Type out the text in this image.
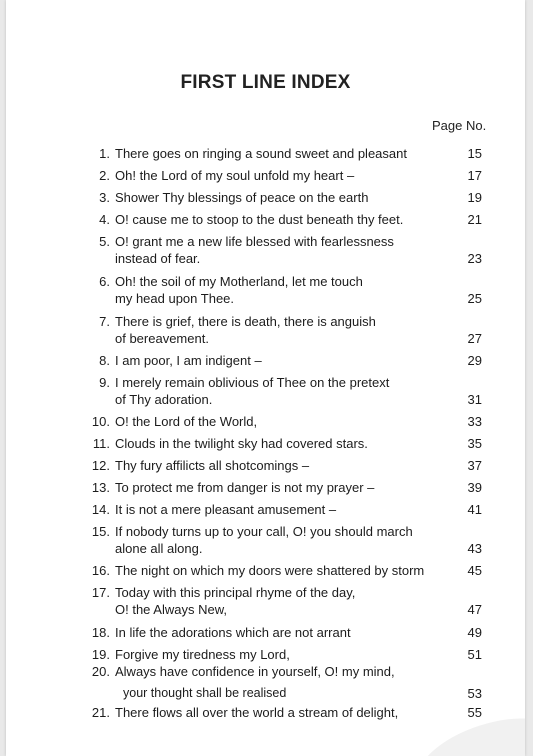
FIRST LINE INDEX
Page No.
1. There goes on ringing a sound sweet and pleasant	15
2. Oh! the Lord of my soul unfold my heart –	17
3. Shower Thy blessings of peace on the earth	19
4. O! cause me to stoop to the dust beneath thy feet.	21
5. O! grant me a new life blessed with fearlessness
instead of fear.	23
6. Oh! the soil of my Motherland, let me touch
my head upon Thee.	25
7. There is grief, there is death, there is anguish
of bereavement.	27
8. I am poor, I am indigent –	29
9. I merely remain oblivious of Thee on the pretext
of Thy adoration.	31
10. O! the Lord of the World,	33
11. Clouds in the twilight sky had covered stars.	35
12. Thy fury affilicts all shotcomings –	37
13. To protect me from danger is not my prayer –	39
14. It is not a mere pleasant amusement –	41
15. If nobody turns up to your call, O! you should march
alone all along.	43
16. The night on which my doors were shattered by storm	45
17. Today with this principal rhyme of the day,
O! the Always New,	47
18. In life the adorations which are not arrant	49
19. Forgive my tiredness my Lord,	51
20. Always have confidence in yourself, O! my mind,
your thought shall be realised	53
21. There flows all over the world a stream of delight,	55
